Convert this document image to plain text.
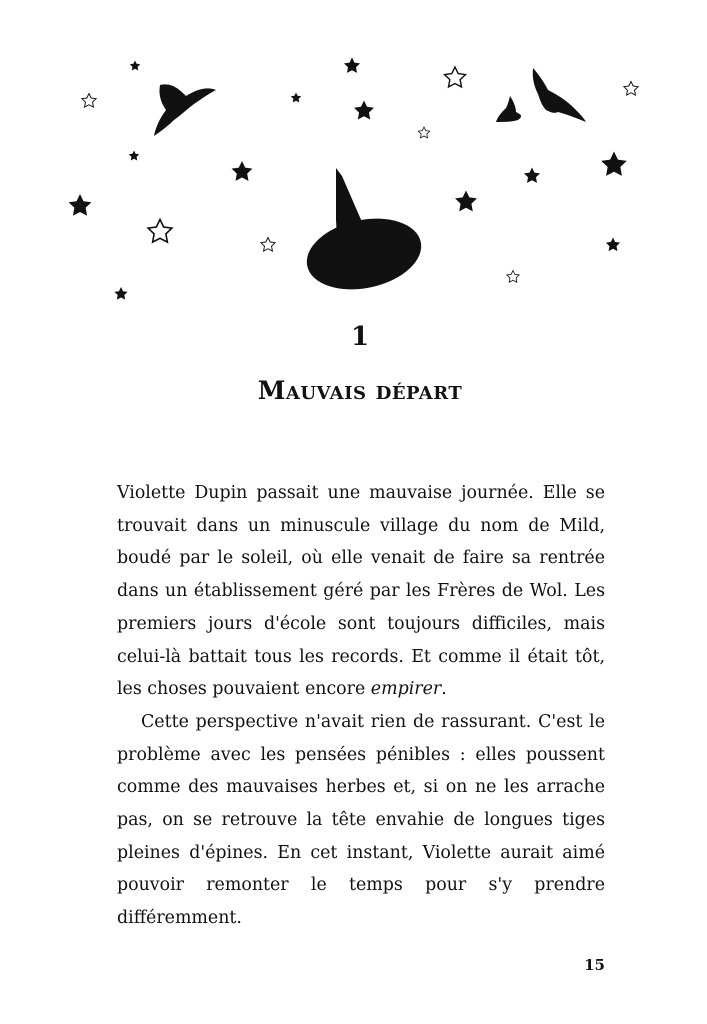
1
Mauvais départ

Violette Dupin passait une mauvaise journée. Elle se trouvait dans un minuscule village du nom de Mild, boudé par le soleil, où elle venait de faire sa rentrée dans un établissement géré par les Frères de Wol. Les premiers jours d'école sont toujours difficiles, mais celui-là battait tous les records. Et comme il était tôt, les choses pouvaient encore empirer.

Cette perspective n'avait rien de rassurant. C'est le problème avec les pensées pénibles : elles poussent comme des mauvaises herbes et, si on ne les arrache pas, on se retrouve la tête envahie de longues tiges pleines d'épines. En cet instant, Violette aurait aimé pouvoir remonter le temps pour s'y prendre différemment.

15
